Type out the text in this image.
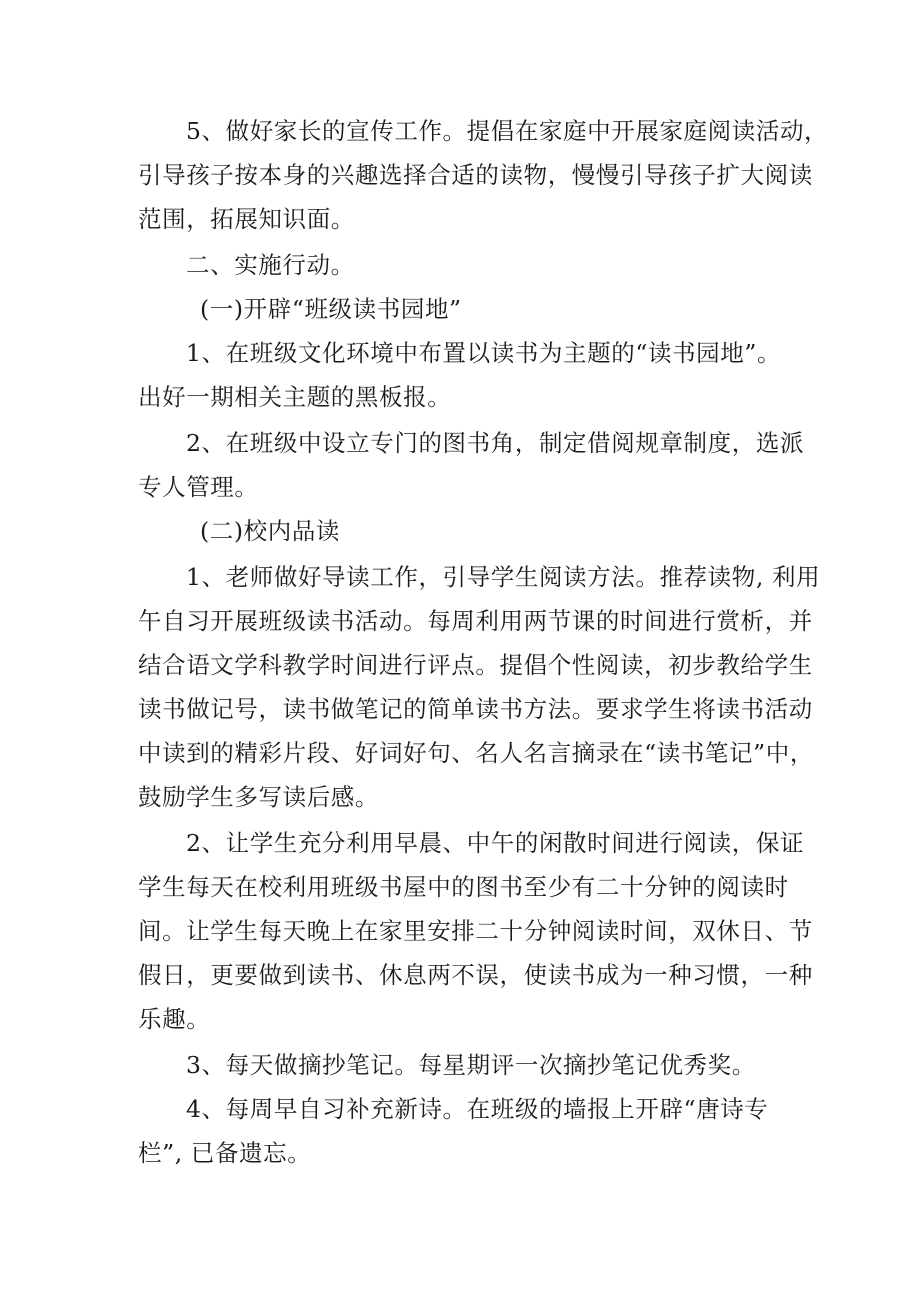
5、做好家长的宣传工作。提倡在家庭中开展家庭阅读活动，

引导孩子按本身的兴趣选择合适的读物，慢慢引导孩子扩大阅读

范围，拓展知识面。

二、实施行动。

(一)开辟“班级读书园地”

1、在班级文化环境中布置以读书为主题的“读书园地”。

出好一期相关主题的黑板报。

2、在班级中设立专门的图书角，制定借阅规章制度，选派

专人管理。

(二)校内品读

1、老师做好导读工作，引导学生阅读方法。推荐读物, 利用

午自习开展班级读书活动。每周利用两节课的时间进行赏析，并

结合语文学科教学时间进行评点。提倡个性阅读，初步教给学生

读书做记号，读书做笔记的简单读书方法。要求学生将读书活动

中读到的精彩片段、好词好句、名人名言摘录在“读书笔记”中，

鼓励学生多写读后感。

2、让学生充分利用早晨、中午的闲散时间进行阅读，保证

学生每天在校利用班级书屋中的图书至少有二十分钟的阅读时

间。让学生每天晚上在家里安排二十分钟阅读时间，双休日、节

假日，更要做到读书、休息两不误，使读书成为一种习惯，一种

乐趣。

3、每天做摘抄笔记。每星期评一次摘抄笔记优秀奖。

4、每周早自习补充新诗。在班级的墙报上开辟“唐诗专

栏”, 已备遗忘。
